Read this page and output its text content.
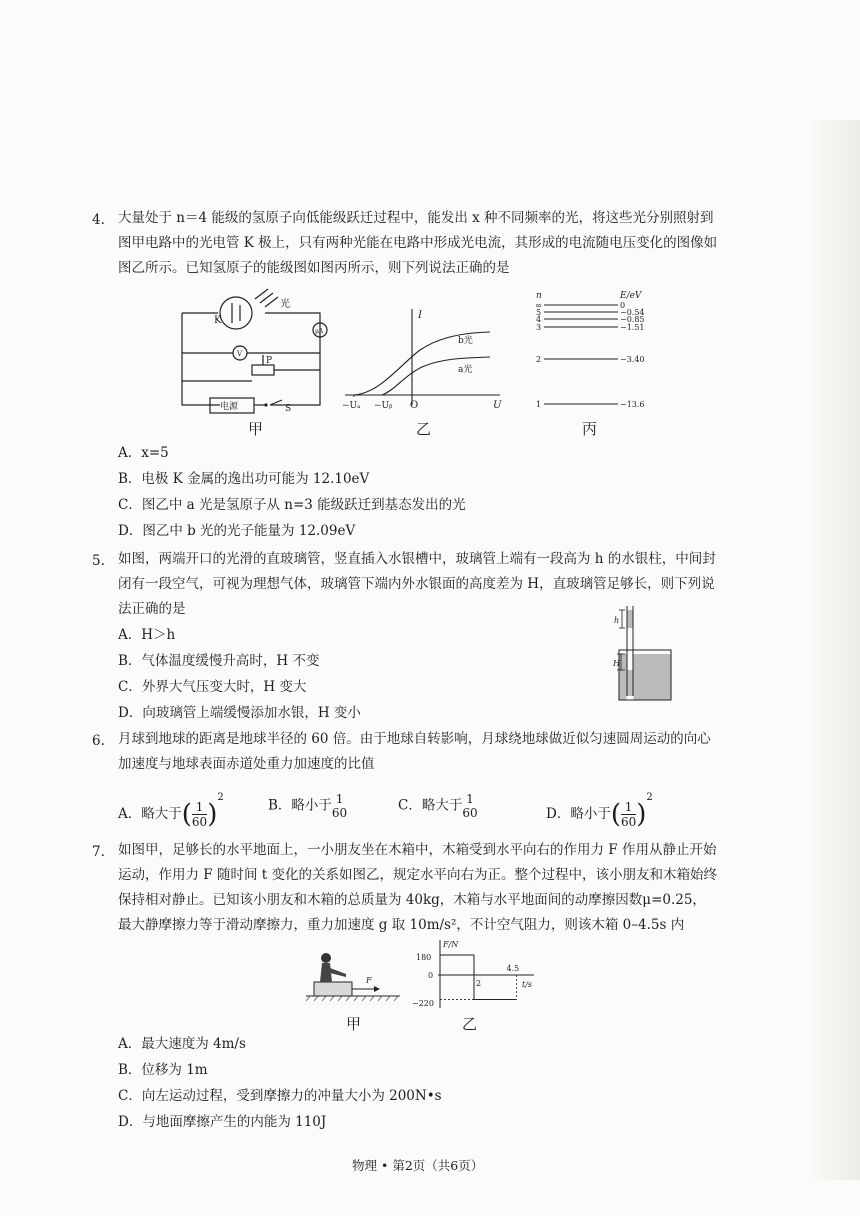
4. 大量处于 n＝4 能级的氢原子向低能级跃迁过程中，能发出 x 种不同频率的光，将这些光分别照射到图甲电路中的光电管 K 极上，只有两种光能在电路中形成光电流，其形成的电流随电压变化的图像如图乙所示。已知氢原子的能级图如图丙所示，则下列说法正确的是
光
K
μA
V
P
电源	S
甲
I
U
O
−Uₐ −Uᵦ
b光
a光
乙
n	E/eV
∞	0
5	−0.54
4	−0.85
3	−1.51
2	−3.40
1	−13.6
丙
A．x=5
B．电极 K 金属的逸出功可能为 12.10eV
C．图乙中 a 光是氢原子从 n=3 能级跃迁到基态发出的光
D．图乙中 b 光的光子能量为 12.09eV
5. 如图，两端开口的光滑的直玻璃管，竖直插入水银槽中，玻璃管上端有一段高为 h 的水银柱，中间封闭有一段空气，可视为理想气体，玻璃管下端内外水银面的高度差为 H，直玻璃管足够长，则下列说法正确的是
h
H
A．H＞h
B．气体温度缓慢升高时，H 不变
C．外界大气压变大时，H 变大
D．向玻璃管上端缓慢添加水银，H 变小
6. 月球到地球的距离是地球半径的 60 倍。由于地球自转影响，月球绕地球做近似匀速圆周运动的向心加速度与地球表面赤道处重力加速度的比值
A．略大于( $\frac{1}{60} )^2$	B．略小于 1
60	C．略大于 1
60	D．略小于( $\frac{1}{60} )^2$
7. 如图甲，足够长的水平地面上，一小朋友坐在木箱中，木箱受到水平向右的作用力 F 作用从静止开始运动，作用力 F 随时间 t 变化的关系如图乙，规定水平向右为正。整个过程中，该小朋友和木箱始终保持相对静止。已知该小朋友和木箱的总质量为 40kg，木箱与水平地面间的动摩擦因数μ=0.25，最大静摩擦力等于滑动摩擦力，重力加速度 g 取 10m/s²，不计空气阻力，则该木箱 0–4.5s 内
F
甲
F/N
t/s
180
0
−220
2
4.5
乙
A．最大速度为 4m/s
B．位移为 1m
C．向左运动过程，受到摩擦力的冲量大小为 200N•s
D．与地面摩擦产生的内能为 110J
物理 • 第2页（共6页）
